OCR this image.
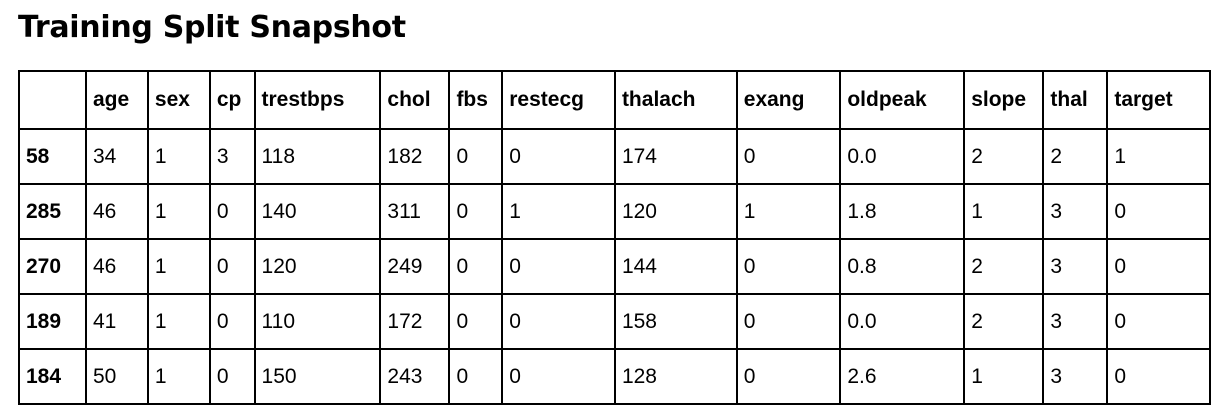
Training Split Snapshot
	age	sex	cp	trestbps	chol	fbs	restecg	thalach	exang	oldpeak	slope	thal	target
58	34	1	3	118	182	0	0	174	0	0.0	2	2	1
285	46	1	0	140	311	0	1	120	1	1.8	1	3	0
270	46	1	0	120	249	0	0	144	0	0.8	2	3	0
189	41	1	0	110	172	0	0	158	0	0.0	2	3	0
184	50	1	0	150	243	0	0	128	0	2.6	1	3	0
